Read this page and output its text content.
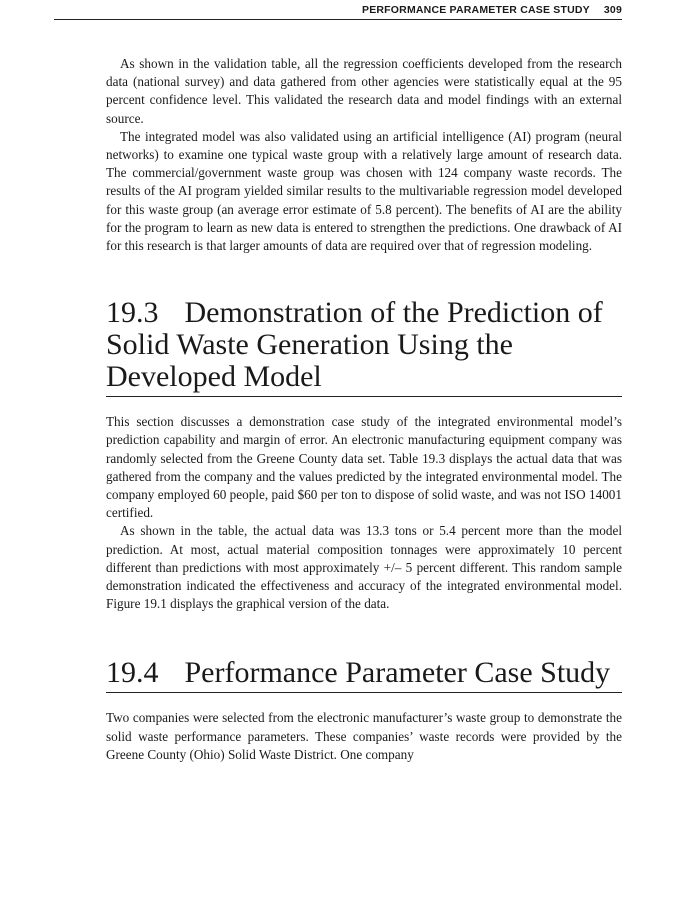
PERFORMANCE PARAMETER CASE STUDY 309

As shown in the validation table, all the regression coefficients developed from the research data (national survey) and data gathered from other agencies were statistically equal at the 95 percent confidence level. This validated the research data and model findings with an external source.

The integrated model was also validated using an artificial intelligence (AI) program (neural networks) to examine one typical waste group with a relatively large amount of research data. The commercial/government waste group was chosen with 124 company waste records. The results of the AI program yielded similar results to the multivariable regression model developed for this waste group (an average error estimate of 5.8 percent). The benefits of AI are the ability for the program to learn as new data is entered to strengthen the predictions. One drawback of AI for this research is that larger amounts of data are required over that of regression modeling.

19.3 Demonstration of the Prediction of Solid Waste Generation Using the Developed Model

This section discusses a demonstration case study of the integrated environmental model’s prediction capability and margin of error. An electronic manufacturing equipment company was randomly selected from the Greene County data set. Table 19.3 displays the actual data that was gathered from the company and the values predicted by the integrated environmental model. The company employed 60 people, paid $60 per ton to dispose of solid waste, and was not ISO 14001 certified.

As shown in the table, the actual data was 13.3 tons or 5.4 percent more than the model prediction. At most, actual material composition tonnages were approximately 10 percent different than predictions with most approximately +/– 5 percent different. This random sample demonstration indicated the effectiveness and accuracy of the integrated environmental model. Figure 19.1 displays the graphical version of the data.

19.4 Performance Parameter Case Study

Two companies were selected from the electronic manufacturer’s waste group to demonstrate the solid waste performance parameters. These companies’ waste records were provided by the Greene County (Ohio) Solid Waste District. One company
